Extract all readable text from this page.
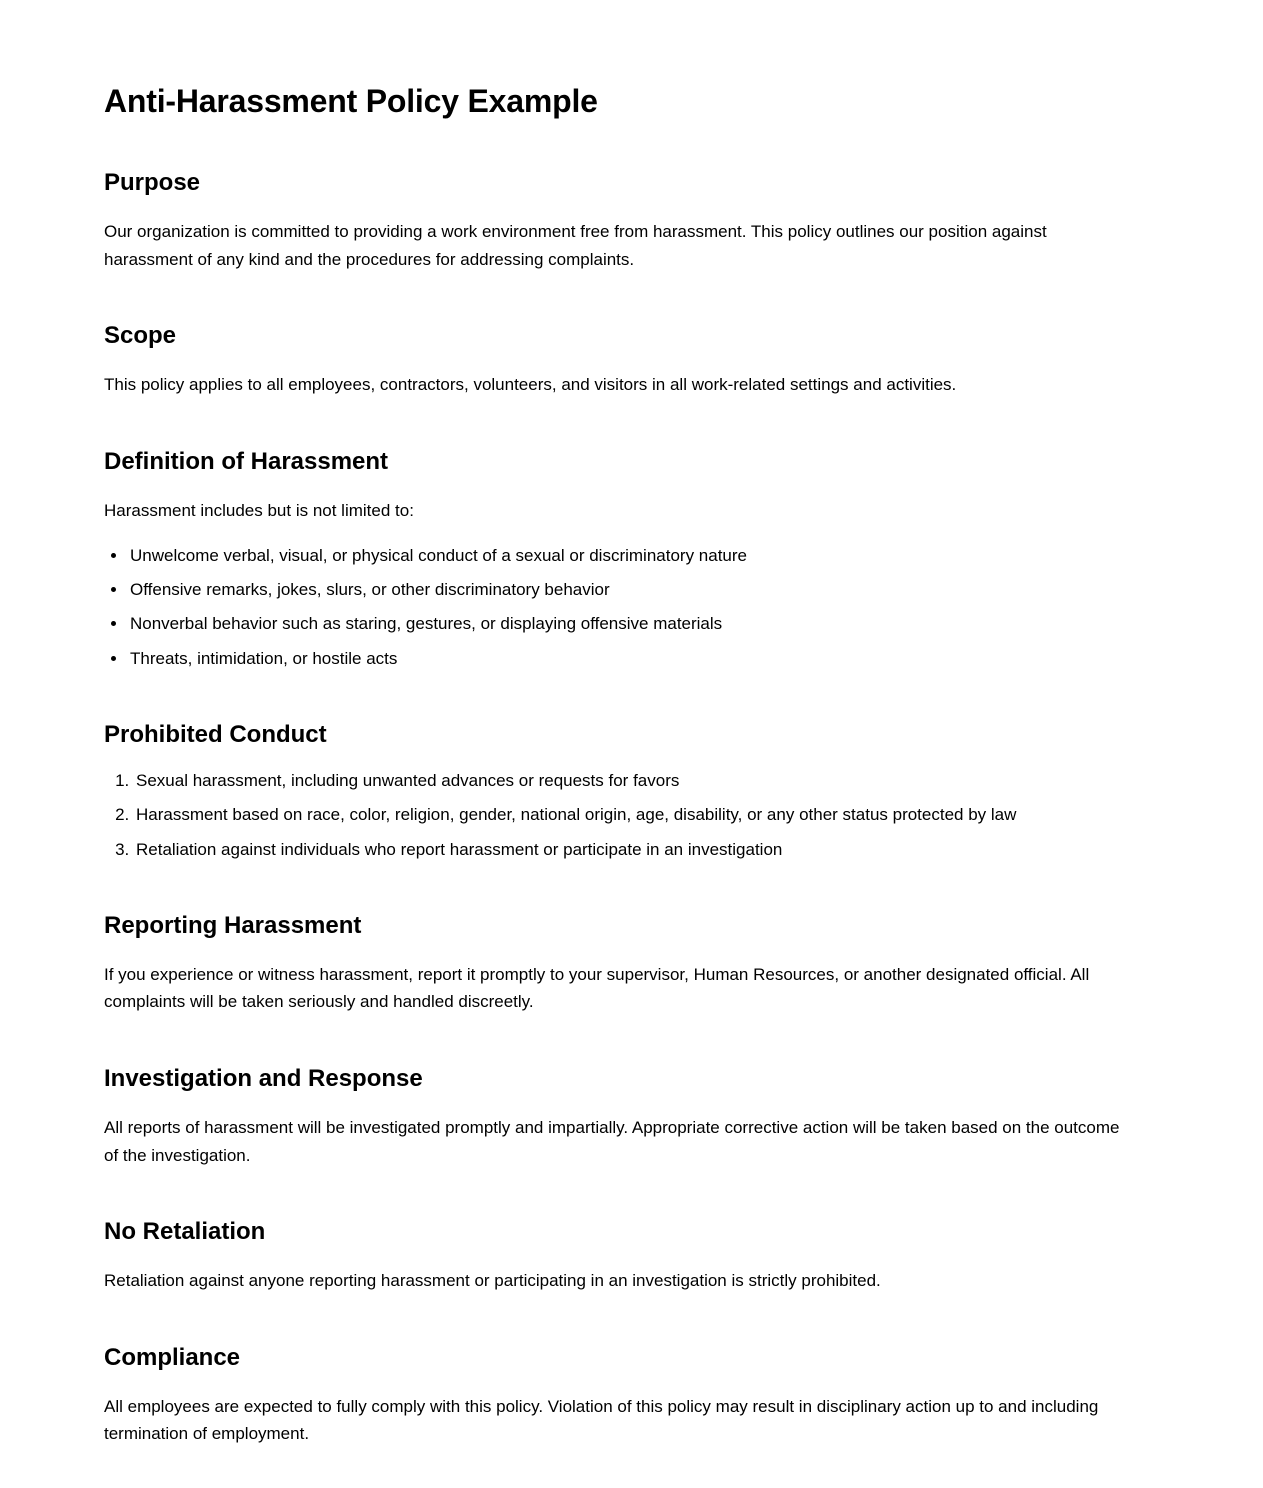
Anti-Harassment Policy Example
Purpose

Our organization is committed to providing a work environment free from harassment. This policy outlines our position against harassment of any kind and the procedures for addressing complaints.

Scope

This policy applies to all employees, contractors, volunteers, and visitors in all work-related settings and activities.

Definition of Harassment

Harassment includes but is not limited to:

• Unwelcome verbal, visual, or physical conduct of a sexual or discriminatory nature
• Offensive remarks, jokes, slurs, or other discriminatory behavior
• Nonverbal behavior such as staring, gestures, or displaying offensive materials
• Threats, intimidation, or hostile acts
Prohibited Conduct
1. Sexual harassment, including unwanted advances or requests for favors
2. Harassment based on race, color, religion, gender, national origin, age, disability, or any other status protected by law
3. Retaliation against individuals who report harassment or participate in an investigation
Reporting Harassment

If you experience or witness harassment, report it promptly to your supervisor, Human Resources, or another designated official. All complaints will be taken seriously and handled discreetly.

Investigation and Response

All reports of harassment will be investigated promptly and impartially. Appropriate corrective action will be taken based on the outcome of the investigation.

No Retaliation

Retaliation against anyone reporting harassment or participating in an investigation is strictly prohibited.

Compliance

All employees are expected to fully comply with this policy. Violation of this policy may result in disciplinary action up to and including termination of employment.
